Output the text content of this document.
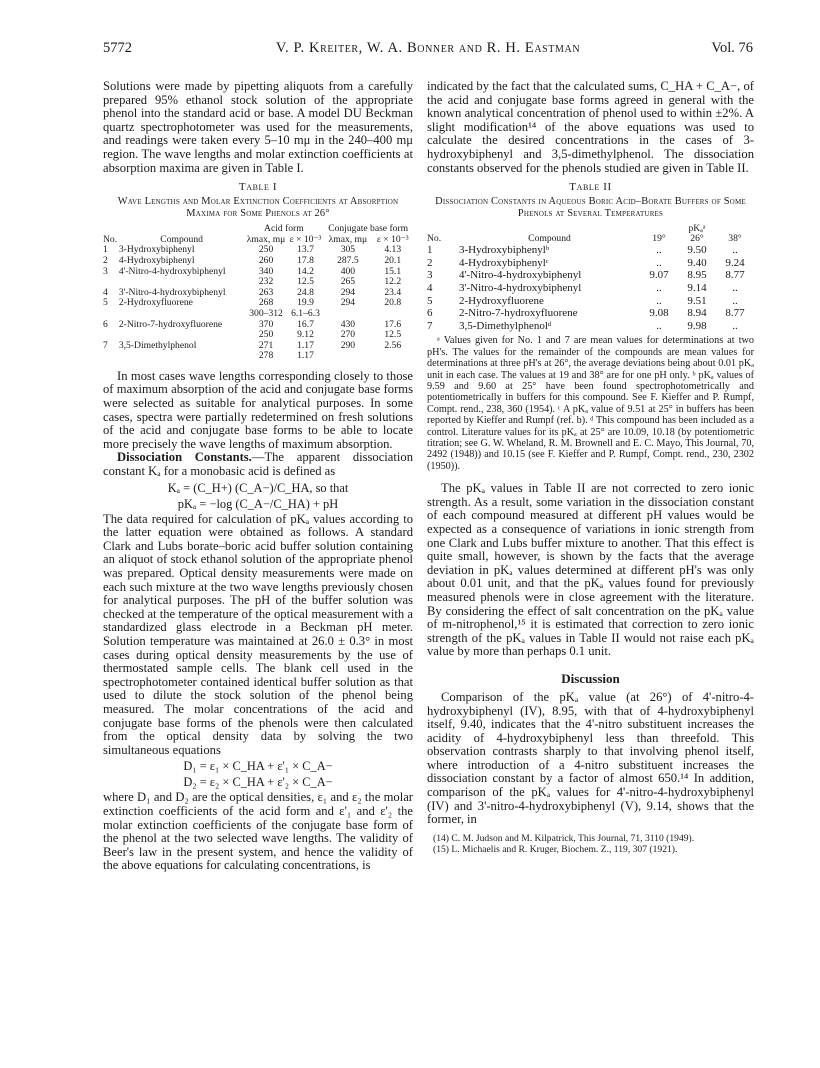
5772	V. P. Kreiter, W. A. Bonner and R. H. Eastman	Vol. 76

Solutions were made by pipetting aliquots from a carefully prepared 95% ethanol stock solution of the appropriate phenol into the standard acid or base. A model DU Beckman quartz spectrophotometer was used for the measurements, and readings were taken every 5–10 mμ in the 240–400 mμ region. The wave lengths and molar extinction coefficients at absorption maxima are given in Table I.

Table I
Wave Lengths and Molar Extinction Coefficients at Absorption Maxima for Some Phenols at 26°
		Acid form		Conjugate base form	
No.	Compound	λmax, mμ	ε × 10⁻³	λmax, mμ	ε × 10⁻³
1	3-Hydroxybiphenyl	250	13.7	305	4.13
2	4-Hydroxybiphenyl	260	17.8	287.5	20.1
3	4'-Nitro-4-hydroxybiphenyl	340	14.2	400	15.1
		232	12.5	265	12.2
4	3'-Nitro-4-hydroxybiphenyl	263	24.8	294	23.4
5	2-Hydroxyfluorene	268	19.9	294	20.8
		300–312	6.1–6.3		
6	2-Nitro-7-hydroxyfluorene	370	16.7	430	17.6
		250	9.12	270	12.5
7	3,5-Dimethylphenol	271	1.17	290	2.56
		278	1.17		

In most cases wave lengths corresponding closely to those of maximum absorption of the acid and conjugate base forms were selected as suitable for analytical purposes. In some cases, spectra were partially redetermined on fresh solutions of the acid and conjugate base forms to be able to locate more precisely the wave lengths of maximum absorption.

Dissociation Constants.—The apparent dissociation constant Kₐ for a monobasic acid is defined as

Kₐ = (C_H+) (C_A−)/C_HA, so that
pKₐ = −log (C_A−/C_HA) + pH

The data required for calculation of pKₐ values according to the latter equation were obtained as follows. A standard Clark and Lubs borate–boric acid buffer solution containing an aliquot of stock ethanol solution of the appropriate phenol was prepared. Optical density measurements were made on each such mixture at the two wave lengths previously chosen for analytical purposes. The pH of the buffer solution was checked at the temperature of the optical measurement with a standardized glass electrode in a Beckman pH meter. Solution temperature was maintained at 26.0 ± 0.3° in most cases during optical density measurements by the use of thermostated sample cells. The blank cell used in the spectrophotometer contained identical buffer solution as that used to dilute the stock solution of the phenol being measured. The molar concentrations of the acid and conjugate base forms of the phenols were then calculated from the optical density data by solving the two simultaneous equations

D₁ = ε₁ × C_HA + ε'₁ × C_A−
D₂ = ε₂ × C_HA + ε'₂ × C_A−

where D₁ and D₂ are the optical densities, ε₁ and ε₂ the molar extinction coefficients of the acid form and ε'₁ and ε'₂ the molar extinction coefficients of the conjugate base form of the phenol at the two selected wave lengths. The validity of Beer's law in the present system, and hence the validity of the above equations for calculating concentrations, is

indicated by the fact that the calculated sums, C_HA + C_A−, of the acid and conjugate base forms agreed in general with the known analytical concentration of phenol used to within ±2%. A slight modification¹⁴ of the above equations was used to calculate the desired concentrations in the cases of 3-hydroxybiphenyl and 3,5-dimethylphenol. The dissociation constants observed for the phenols studied are given in Table II.

Table II
Dissociation Constants in Aqueous Boric Acid–Borate Buffers of Some Phenols at Several Temperatures
			pKₐᵃ	
No.	Compound	19°	26°	38°
1	3-Hydroxybiphenylᵇ	..	9.50	..
2	4-Hydroxybiphenylᶜ	..	9.40	9.24
3	4'-Nitro-4-hydroxybiphenyl	9.07	8.95	8.77
4	3'-Nitro-4-hydroxybiphenyl	..	9.14	..
5	2-Hydroxyfluorene	..	9.51	..
6	2-Nitro-7-hydroxyfluorene	9.08	8.94	8.77
7	3,5-Dimethylphenolᵈ	..	9.98	..
ᵃ Values given for No. 1 and 7 are mean values for determinations at two pH's. The values for the remainder of the compounds are mean values for determinations at three pH's at 26°, the average deviations being about 0.01 pKₐ unit in each case. The values at 19 and 38° are for one pH only. ᵇ pKₐ values of 9.59 and 9.60 at 25° have been found spectrophotometrically and potentiometrically in buffers for this compound. See F. Kieffer and P. Rumpf, Compt. rend., 238, 360 (1954). ᶜ A pKₐ value of 9.51 at 25° in buffers has been reported by Kieffer and Rumpf (ref. b). ᵈ This compound has been included as a control. Literature values for its pKₐ at 25° are 10.09, 10.18 (by potentiometric titration; see G. W. Wheland, R. M. Brownell and E. C. Mayo, This Journal, 70, 2492 (1948)) and 10.15 (see F. Kieffer and P. Rumpf, Compt. rend., 230, 2302 (1950)).

The pKₐ values in Table II are not corrected to zero ionic strength. As a result, some variation in the dissociation constant of each compound measured at different pH values would be expected as a consequence of variations in ionic strength from one Clark and Lubs buffer mixture to another. That this effect is quite small, however, is shown by the facts that the average deviation in pKₐ values determined at different pH's was only about 0.01 unit, and that the pKₐ values found for previously measured phenols were in close agreement with the literature. By considering the effect of salt concentration on the pKₐ value of m-nitrophenol,¹⁵ it is estimated that correction to zero ionic strength of the pKₐ values in Table II would not raise each pKₐ value by more than perhaps 0.1 unit.

Discussion

Comparison of the pKₐ value (at 26°) of 4'-nitro-4-hydroxybiphenyl (IV), 8.95, with that of 4-hydroxybiphenyl itself, 9.40, indicates that the 4'-nitro substituent increases the acidity of 4-hydroxybiphenyl less than threefold. This observation contrasts sharply to that involving phenol itself, where introduction of a 4-nitro substituent increases the dissociation constant by a factor of almost 650.¹⁴ In addition, comparison of the pKₐ values for 4'-nitro-4-hydroxybiphenyl (IV) and 3'-nitro-4-hydroxybiphenyl (V), 9.14, shows that the former, in

(14) C. M. Judson and M. Kilpatrick, This Journal, 71, 3110 (1949).
(15) L. Michaelis and R. Kruger, Biochem. Z., 119, 307 (1921).
